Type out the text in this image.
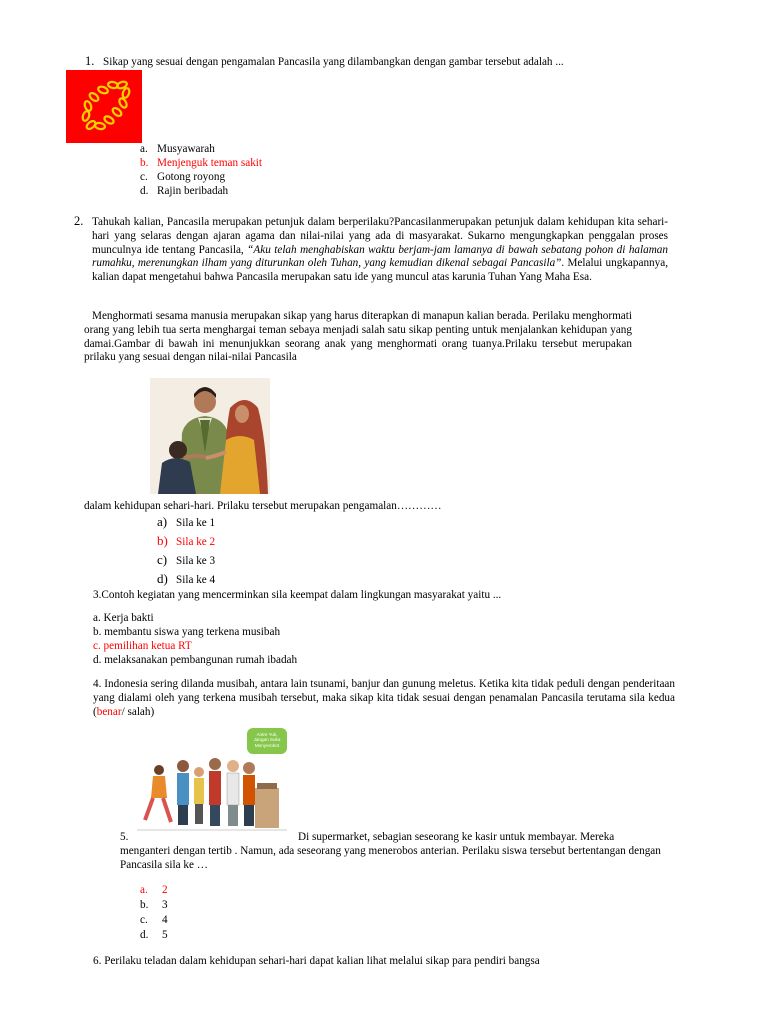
1. Sikap yang sesuai dengan pengamalan Pancasila yang dilambangkan dengan gambar tersebut adalah ...
a. Musyawarah
b. Menjenguk teman sakit
c. Gotong royong
d. Rajin beribadah
2. Tahukah kalian, Pancasila merupakan petunjuk dalam berperilaku?Pancasilanmerupakan petunjuk dalam kehidupan kita sehari-hari yang selaras dengan ajaran agama dan nilai-nilai yang ada di masyarakat. Sukarno mengungkapkan penggalan proses munculnya ide tentang Pancasila, “Aku telah menghabiskan waktu berjam-jam lamanya di bawah sebatang pohon di halaman rumahku, merenungkan ilham yang diturunkan oleh Tuhan, yang kemudian dikenal sebagai Pancasila”. Melalui ungkapannya, kalian dapat mengetahui bahwa Pancasila merupakan satu ide yang muncul atas karunia Tuhan Yang Maha Esa.
Menghormati sesama manusia merupakan sikap yang harus diterapkan di manapun kalian berada. Perilaku menghormati orang yang lebih tua serta menghargai teman sebaya menjadi salah satu sikap penting untuk menjalankan kehidupan yang damai.Gambar di bawah ini menunjukkan seorang anak yang menghormati orang tuanya.Prilaku tersebut merupakan prilaku yang sesuai dengan nilai-nilai Pancasila
dalam kehidupan sehari-hari. Prilaku tersebut merupakan pengamalan…………
a) Sila ke 1
b) Sila ke 2
c) Sila ke 3
d) Sila ke 4
3.Contoh kegiatan yang mencerminkan sila keempat dalam lingkungan masyarakat yaitu ...
a. Kerja bakti
b. membantu siswa yang terkena musibah
c. pemilihan ketua RT
d. melaksanakan pembangunan rumah ibadah
4. Indonesia sering dilanda musibah, antara lain tsunami, banjur dan gunung meletus. Ketika kita tidak peduli dengan penderitaan yang dialami oleh yang terkena musibah tersebut, maka sikap kita tidak sesuai dengan penamalan Pancasila terutama sila kedua (benar/ salah)
Antre Yuk, Jangan Suka Menyerobot
5.	Di supermarket, sebagian seseorang ke kasir untuk membayar. Mereka
menganteri dengan tertib . Namun, ada seseorang yang menerobos anterian. Perilaku siswa tersebut bertentangan dengan Pancasila sila ke …
a. 2
b. 3
c. 4
d. 5
6. Perilaku teladan dalam kehidupan sehari-hari dapat kalian lihat melalui sikap para pendiri bangsa
